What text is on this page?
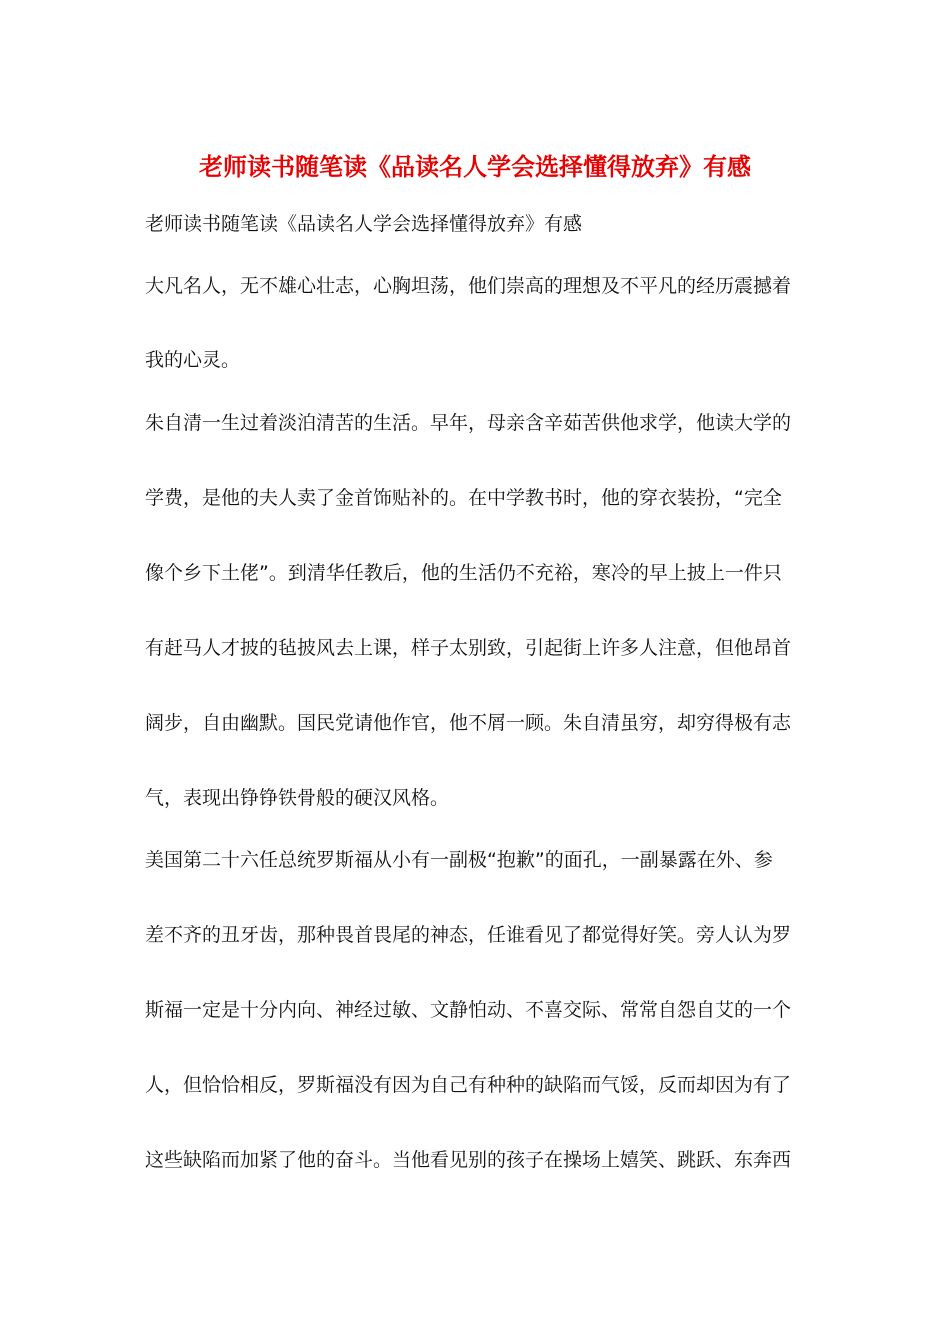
老师读书随笔读《品读名人学会选择懂得放弃》有感
老师读书随笔读《品读名人学会选择懂得放弃》有感
大凡名人，无不雄心壮志，心胸坦荡，他们崇高的理想及不平凡的经历震撼着
我的心灵。
朱自清一生过着淡泊清苦的生活。早年，母亲含辛茹苦供他求学，他读大学的
学费，是他的夫人卖了金首饰贴补的。在中学教书时，他的穿衣装扮，“完全
像个乡下土佬”。到清华任教后，他的生活仍不充裕，寒冷的早上披上一件只
有赶马人才披的毡披风去上课，样子太别致，引起街上许多人注意，但他昂首
阔步，自由幽默。国民党请他作官，他不屑一顾。朱自清虽穷，却穷得极有志
气，表现出铮铮铁骨般的硬汉风格。
美国第二十六任总统罗斯福从小有一副极“抱歉”的面孔，一副暴露在外、参
差不齐的丑牙齿，那种畏首畏尾的神态，任谁看见了都觉得好笑。旁人认为罗
斯福一定是十分内向、神经过敏、文静怕动、不喜交际、常常自怨自艾的一个
人，但恰恰相反，罗斯福没有因为自己有种种的缺陷而气馁，反而却因为有了
这些缺陷而加紧了他的奋斗。当他看见别的孩子在操场上嬉笑、跳跃、东奔西
